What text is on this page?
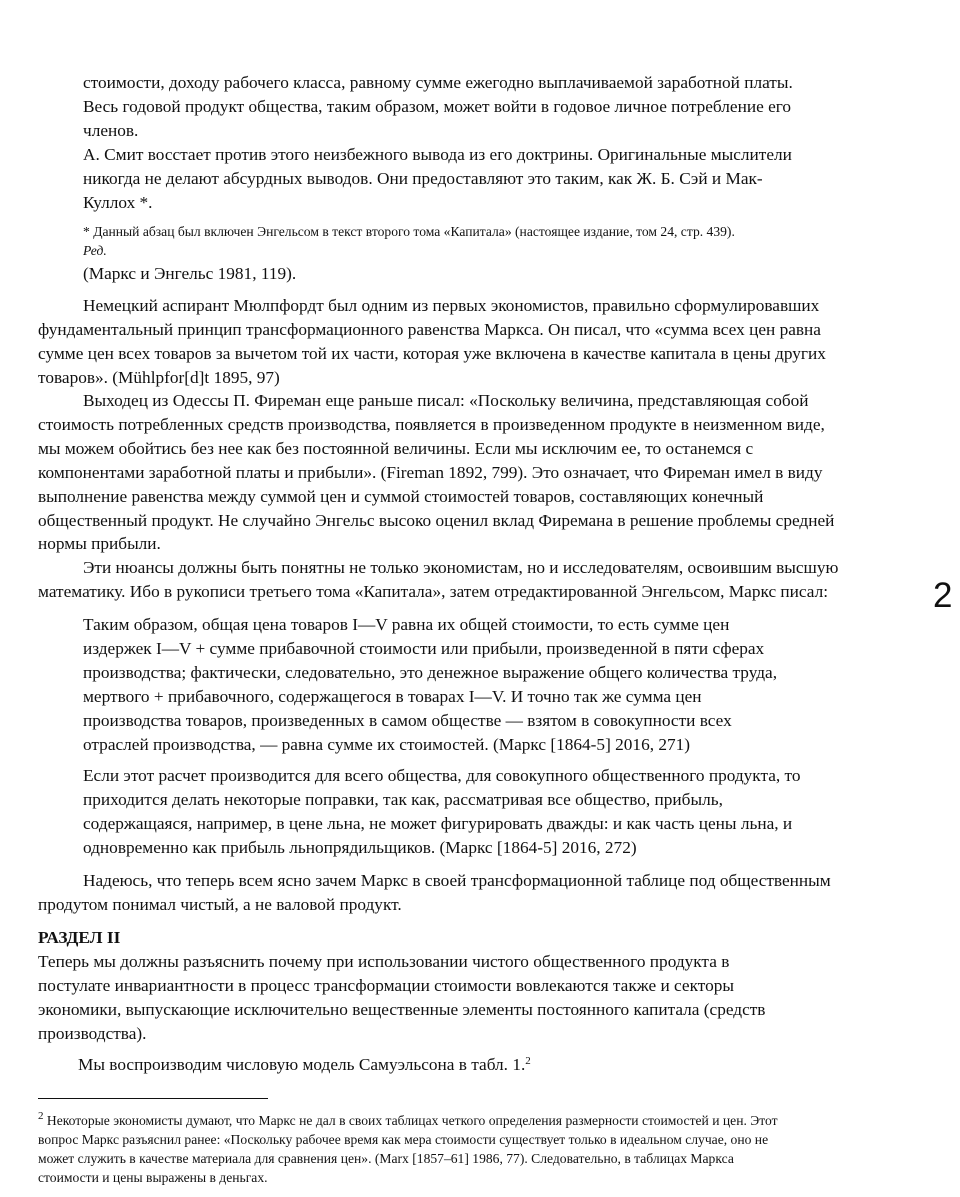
стоимости, доходу рабочего класса, равному сумме ежегодно выплачиваемой заработной платы.
Весь годовой продукт общества, таким образом, может войти в годовое личное потребление его
членов.
А. Смит восстает против этого неизбежного вывода из его доктрины. Оригинальные мыслители
никогда не делают абсурдных выводов. Они предоставляют это таким, как Ж. Б. Сэй и Мак-
Куллох *.
* Данный абзац был включен Энгельсом в текст второго тома «Капитала» (настоящее издание, том 24, стр. 439).
Ред.
(Маркс и Энгельс 1981, 119).
Немецкий аспирант Мюлпфордт был одним из первых экономистов, правильно сформулировавших
фундаментальный принцип трансформационного равенства Маркса. Он писал, что «сумма всех цен равна
сумме цен всех товаров за вычетом той их части, которая уже включена в качестве капитала в цены других
товаров». (Mühlpfor[d]t 1895, 97)
Выходец из Одессы П. Фиреман еще раньше писал: «Поскольку величина, представляющая собой
стоимость потребленных средств производства, появляется в произведенном продукте в неизменном виде,
мы можем обойтись без нее как без постоянной величины. Если мы исключим ее, то останемся с
компонентами заработной платы и прибыли». (Fireman 1892, 799). Это означает, что Фиреман имел в виду
выполнение равенства между суммой цен и суммой стоимостей товаров, составляющих конечный
общественный продукт. Не случайно Энгельс высоко оценил вклад Фиремана в решение проблемы средней
нормы прибыли.
Эти нюансы должны быть понятны не только экономистам, но и исследователям, освоившим высшую
математику. Ибо в рукописи третьего тома «Капитала», затем отредактированной Энгельсом, Маркс писал:	2
Таким образом, общая цена товаров I—V равна их общей стоимости, то есть сумме цен
издержек I—V + сумме прибавочной стоимости или прибыли, произведенной в пяти сферах
производства; фактически, следовательно, это денежное выражение общего количества труда,
мертвого + прибавочного, содержащегося в товарах I—V. И точно так же сумма цен
производства товаров, произведенных в самом обществе — взятом в совокупности всех
отраслей производства, — равна сумме их стоимостей. (Маркс [1864-5] 2016, 271)
Если этот расчет производится для всего общества, для совокупного общественного продукта, то
приходится делать некоторые поправки, так как, рассматривая все общество, прибыль,
содержащаяся, например, в цене льна, не может фигурировать дважды: и как часть цены льна, и
одновременно как прибыль льнопрядильщиков. (Маркс [1864-5] 2016, 272)
Надеюсь, что теперь всем ясно зачем Маркс в своей трансформационной таблице под общественным
продутом понимал чистый, а не валовой продукт.
РАЗДЕЛ II
Теперь мы должны разъяснить почему при использовании чистого общественного продукта в
постулате инвариантности в процесс трансформации стоимости вовлекаются также и секторы
экономики, выпускающие исключительно вещественные элементы постоянного капитала (средств
производства).
Мы воспроизводим числовую модель Самуэльсона в табл. 1.$^2$
$^2$ Некоторые экономисты думают, что Маркс не дал в своих таблицах четкого определения размерности стоимостей и цен. Этот
вопрос Маркс разъяснил ранее: «Поскольку рабочее время как мера стоимости существует только в идеальном случае, оно не
может служить в качестве материала для сравнения цен». (Marx [1857–61] 1986, 77). Следовательно, в таблицах Маркса
стоимости и цены выражены в деньгах.
